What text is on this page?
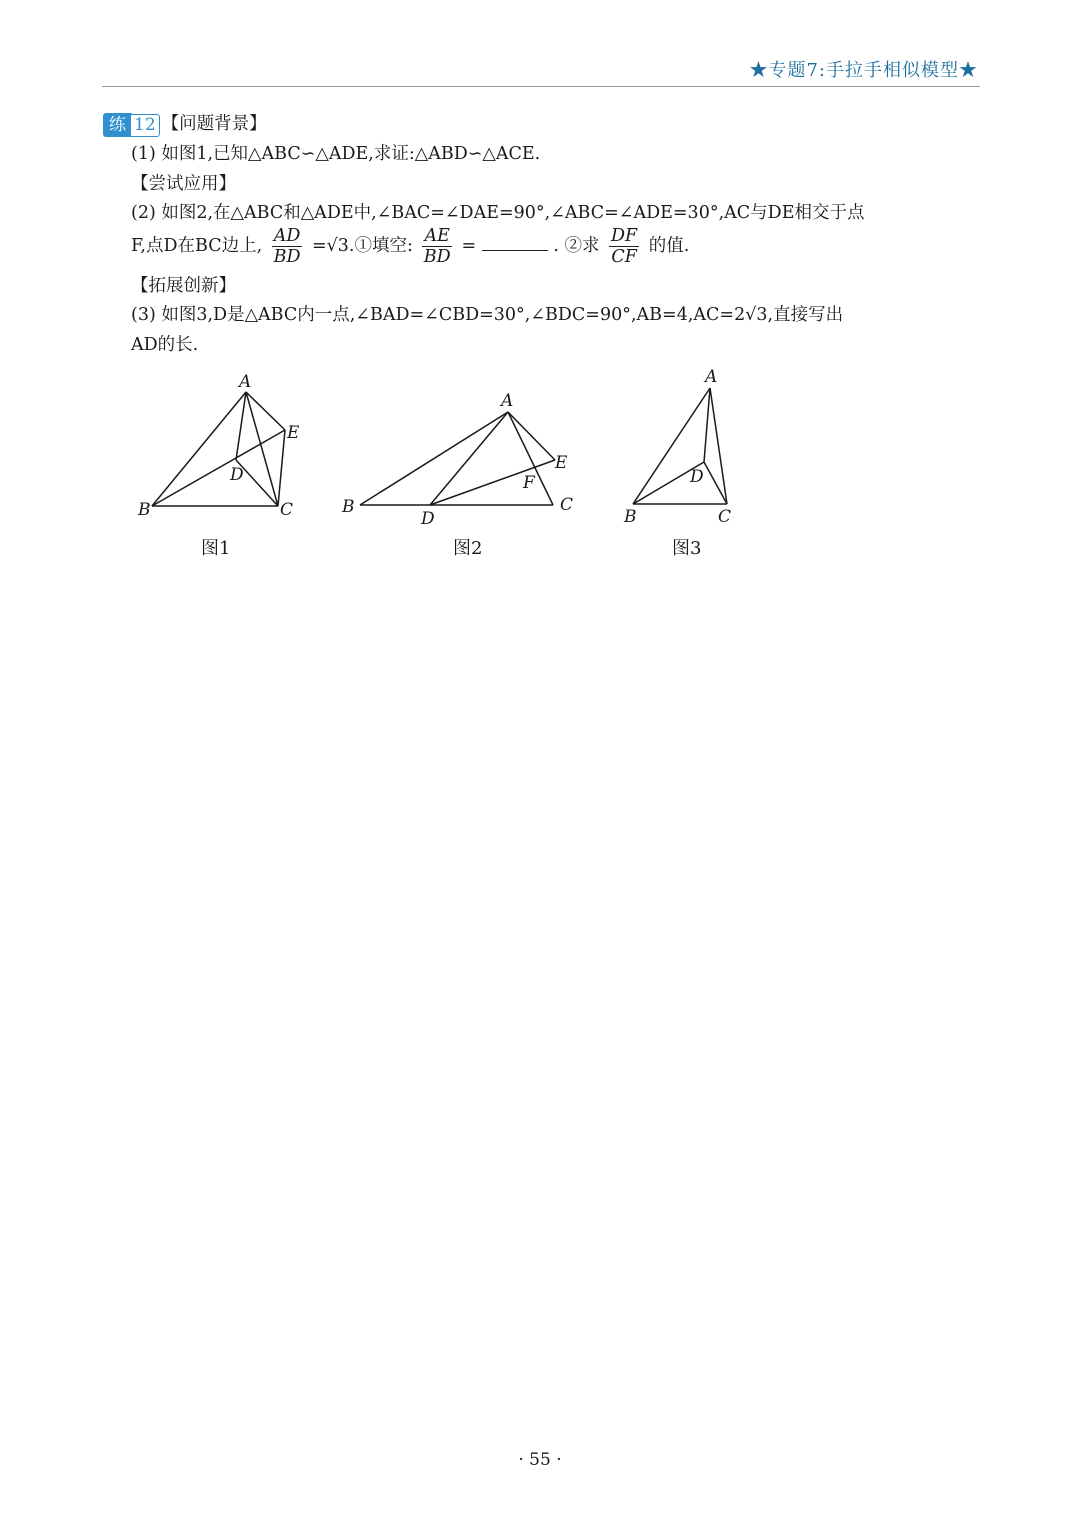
★专题7:手拉手相似模型★
练 12 【问题背景】
(1) 如图1,已知△ABC∽△ADE,求证:△ABD∽△ACE.
【尝试应用】
(2) 如图2,在△ABC和△ADE中,∠BAC=∠DAE=90°,∠ABC=∠ADE=30°,AC与DE相交于点
F,点D在BC边上, $\frac{AD}{BD}$ =√3.①填空: $\frac{AE}{BD}$ =	. ②求 $\frac{DF}{CF}$ 的值.
【拓展创新】
(3) 如图3,D是△ABC内一点,∠BAD=∠CBD=30°,∠BDC=90°,AB=4,AC=2√3,直接写出
AD的长.
A
B	C
D
E
图1
A
B	C
D
E
F
图2
A
B	C
D
图3
· 55 ·
